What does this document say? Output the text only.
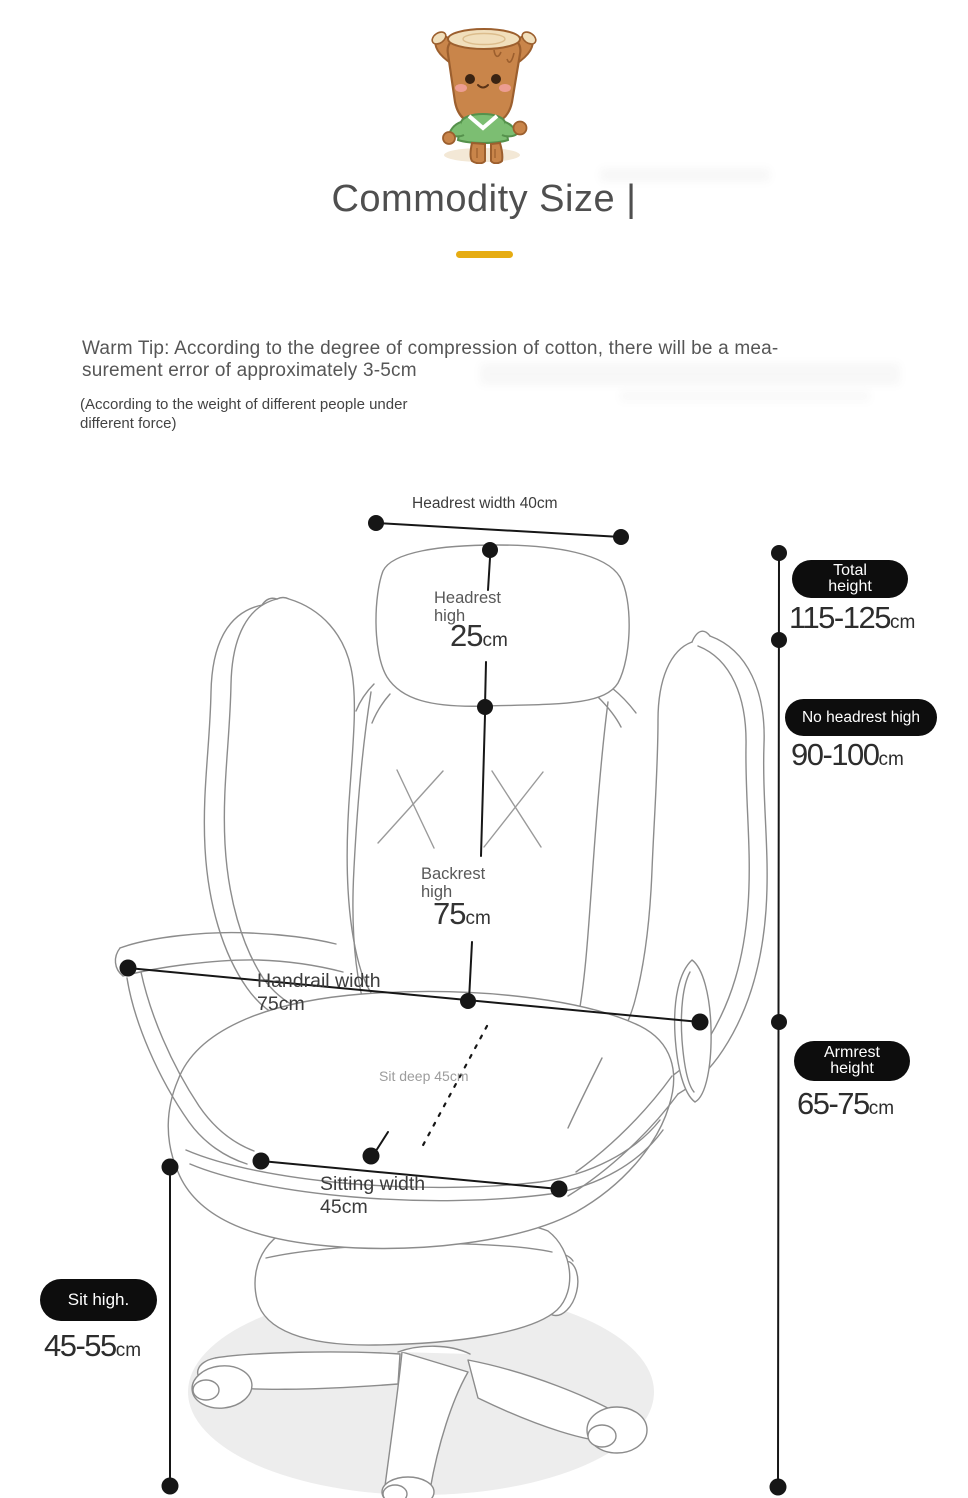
Commodity Size |
Warm Tip: According to the degree of compression of cotton, there will be a mea-
surement error of approximately 3-5cm
(According to the weight of different people under
different force)
Headrest width 40cm
Headrest
high
25cm
Backrest
high
75cm
Handrail width
75cm
Sit deep 45cm
Sitting width
45cm
Total
height
115-125cm
No headrest high
90-100cm
Armrest
height
65-75cm
Sit high.
45-55cm
